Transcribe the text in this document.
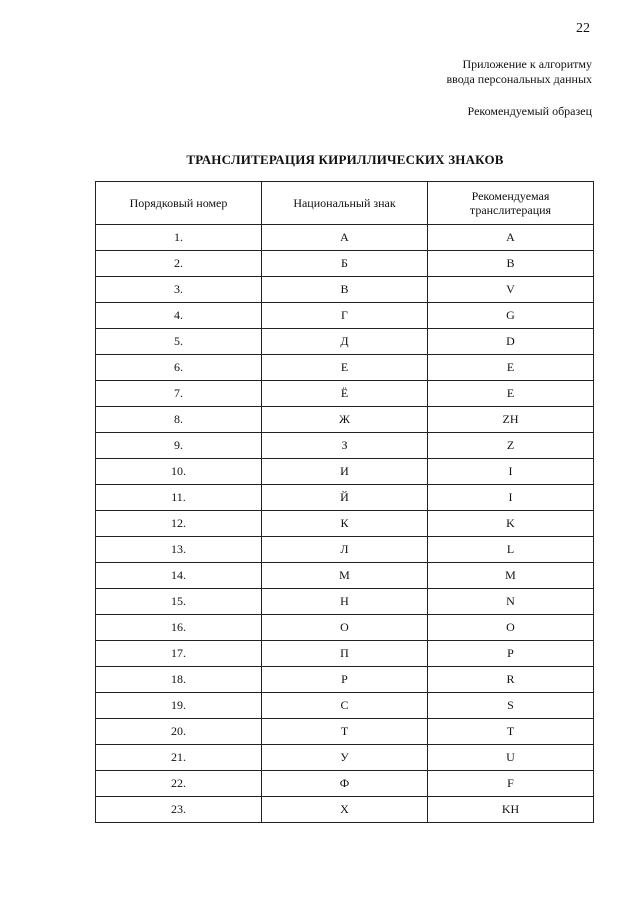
22
Приложение к алгоритму
ввода персональных данных
Рекомендуемый образец
ТРАНСЛИТЕРАЦИЯ КИРИЛЛИЧЕСКИХ ЗНАКОВ
Порядковый номер	Национальный знак	Рекомендуемая транслитерация
1.	А	A
2.	Б	B
3.	В	V
4.	Г	G
5.	Д	D
6.	Е	E
7.	Ё	E
8.	Ж	ZH
9.	З	Z
10.	И	I
11.	Й	I
12.	К	K
13.	Л	L
14.	М	M
15.	Н	N
16.	О	O
17.	П	P
18.	Р	R
19.	С	S
20.	Т	T
21.	У	U
22.	Ф	F
23.	Х	KH
